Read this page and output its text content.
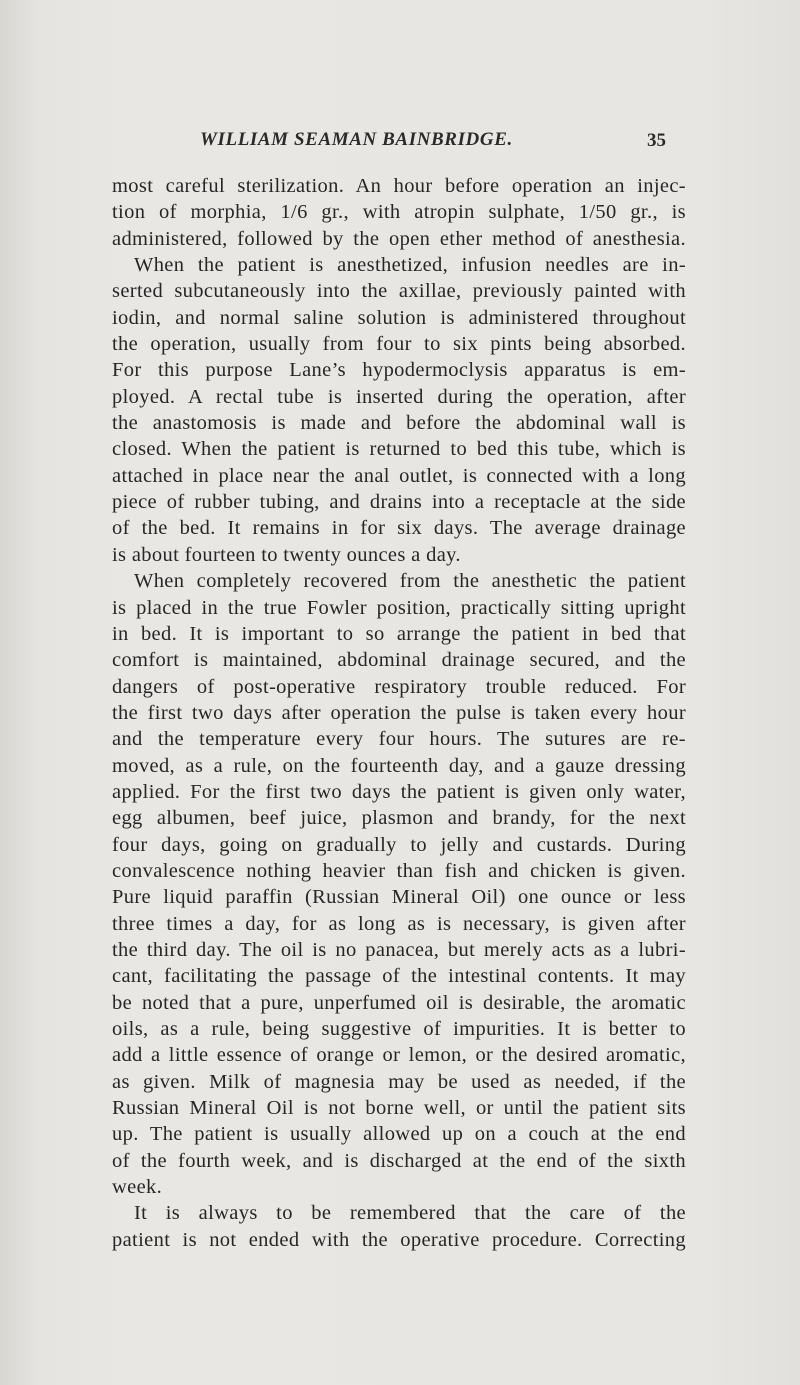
WILLIAM SEAMAN BAINBRIDGE.	35
most careful sterilization. An hour before operation an injec-
tion of morphia, 1/6 gr., with atropin sulphate, 1/50 gr., is
administered, followed by the open ether method of anesthesia.
When the patient is anesthetized, infusion needles are in-
serted subcutaneously into the axillae, previously painted with
iodin, and normal saline solution is administered throughout
the operation, usually from four to six pints being absorbed.
For this purpose Lane’s hypodermoclysis apparatus is em-
ployed. A rectal tube is inserted during the operation, after
the anastomosis is made and before the abdominal wall is
closed. When the patient is returned to bed this tube, which is
attached in place near the anal outlet, is connected with a long
piece of rubber tubing, and drains into a receptacle at the side
of the bed. It remains in for six days. The average drainage
is about fourteen to twenty ounces a day.
When completely recovered from the anesthetic the patient
is placed in the true Fowler position, practically sitting upright
in bed. It is important to so arrange the patient in bed that
comfort is maintained, abdominal drainage secured, and the
dangers of post-operative respiratory trouble reduced. For
the first two days after operation the pulse is taken every hour
and the temperature every four hours. The sutures are re-
moved, as a rule, on the fourteenth day, and a gauze dressing
applied. For the first two days the patient is given only water,
egg albumen, beef juice, plasmon and brandy, for the next
four days, going on gradually to jelly and custards. During
convalescence nothing heavier than fish and chicken is given.
Pure liquid paraffin (Russian Mineral Oil) one ounce or less
three times a day, for as long as is necessary, is given after
the third day. The oil is no panacea, but merely acts as a lubri-
cant, facilitating the passage of the intestinal contents. It may
be noted that a pure, unperfumed oil is desirable, the aromatic
oils, as a rule, being suggestive of impurities. It is better to
add a little essence of orange or lemon, or the desired aromatic,
as given. Milk of magnesia may be used as needed, if the
Russian Mineral Oil is not borne well, or until the patient sits
up. The patient is usually allowed up on a couch at the end
of the fourth week, and is discharged at the end of the sixth
week.
It is always to be remembered that the care of the
patient is not ended with the operative procedure. Correcting
